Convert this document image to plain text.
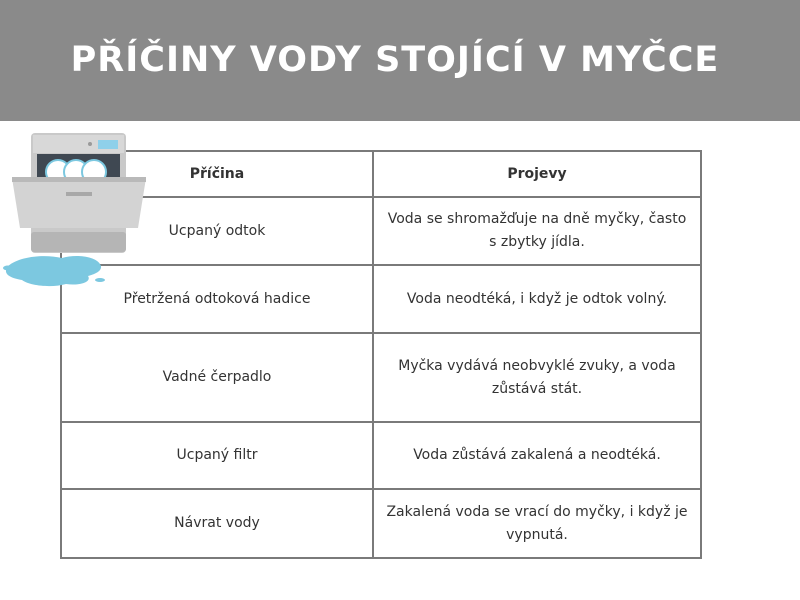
PŘÍČINY VODY STOJÍCÍ V MYČCE
Příčina	Projevy
Ucpaný odtok	Voda se shromažďuje na dně myčky, často s zbytky jídla.
Přetržená odtoková hadice	Voda neodtéká, i když je odtok volný.
Vadné čerpadlo	Myčka vydává neobvyklé zvuky, a voda zůstává stát.
Ucpaný filtr	Voda zůstává zakalená a neodtéká.
Návrat vody	Zakalená voda se vrací do myčky, i když je vypnutá.
